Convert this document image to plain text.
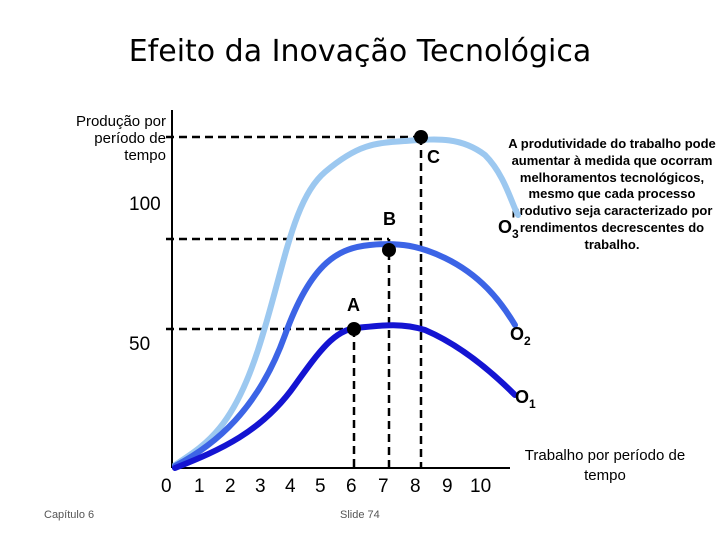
Efeito da Inovação Tecnológica
Produção por período de tempo
Trabalho por período de tempo
A produtividade do trabalho pode aumentar à medida que ocorram melhoramentos tecnológicos, mesmo que cada processo produtivo seja caracterizado por rendimentos decrescentes do trabalho.
C
B
A
$O_3$
$O_2$
$O_1$
100
50
0 1 2 3 4 5 6 7 8 9 10
Capítulo 6	Slide 74
